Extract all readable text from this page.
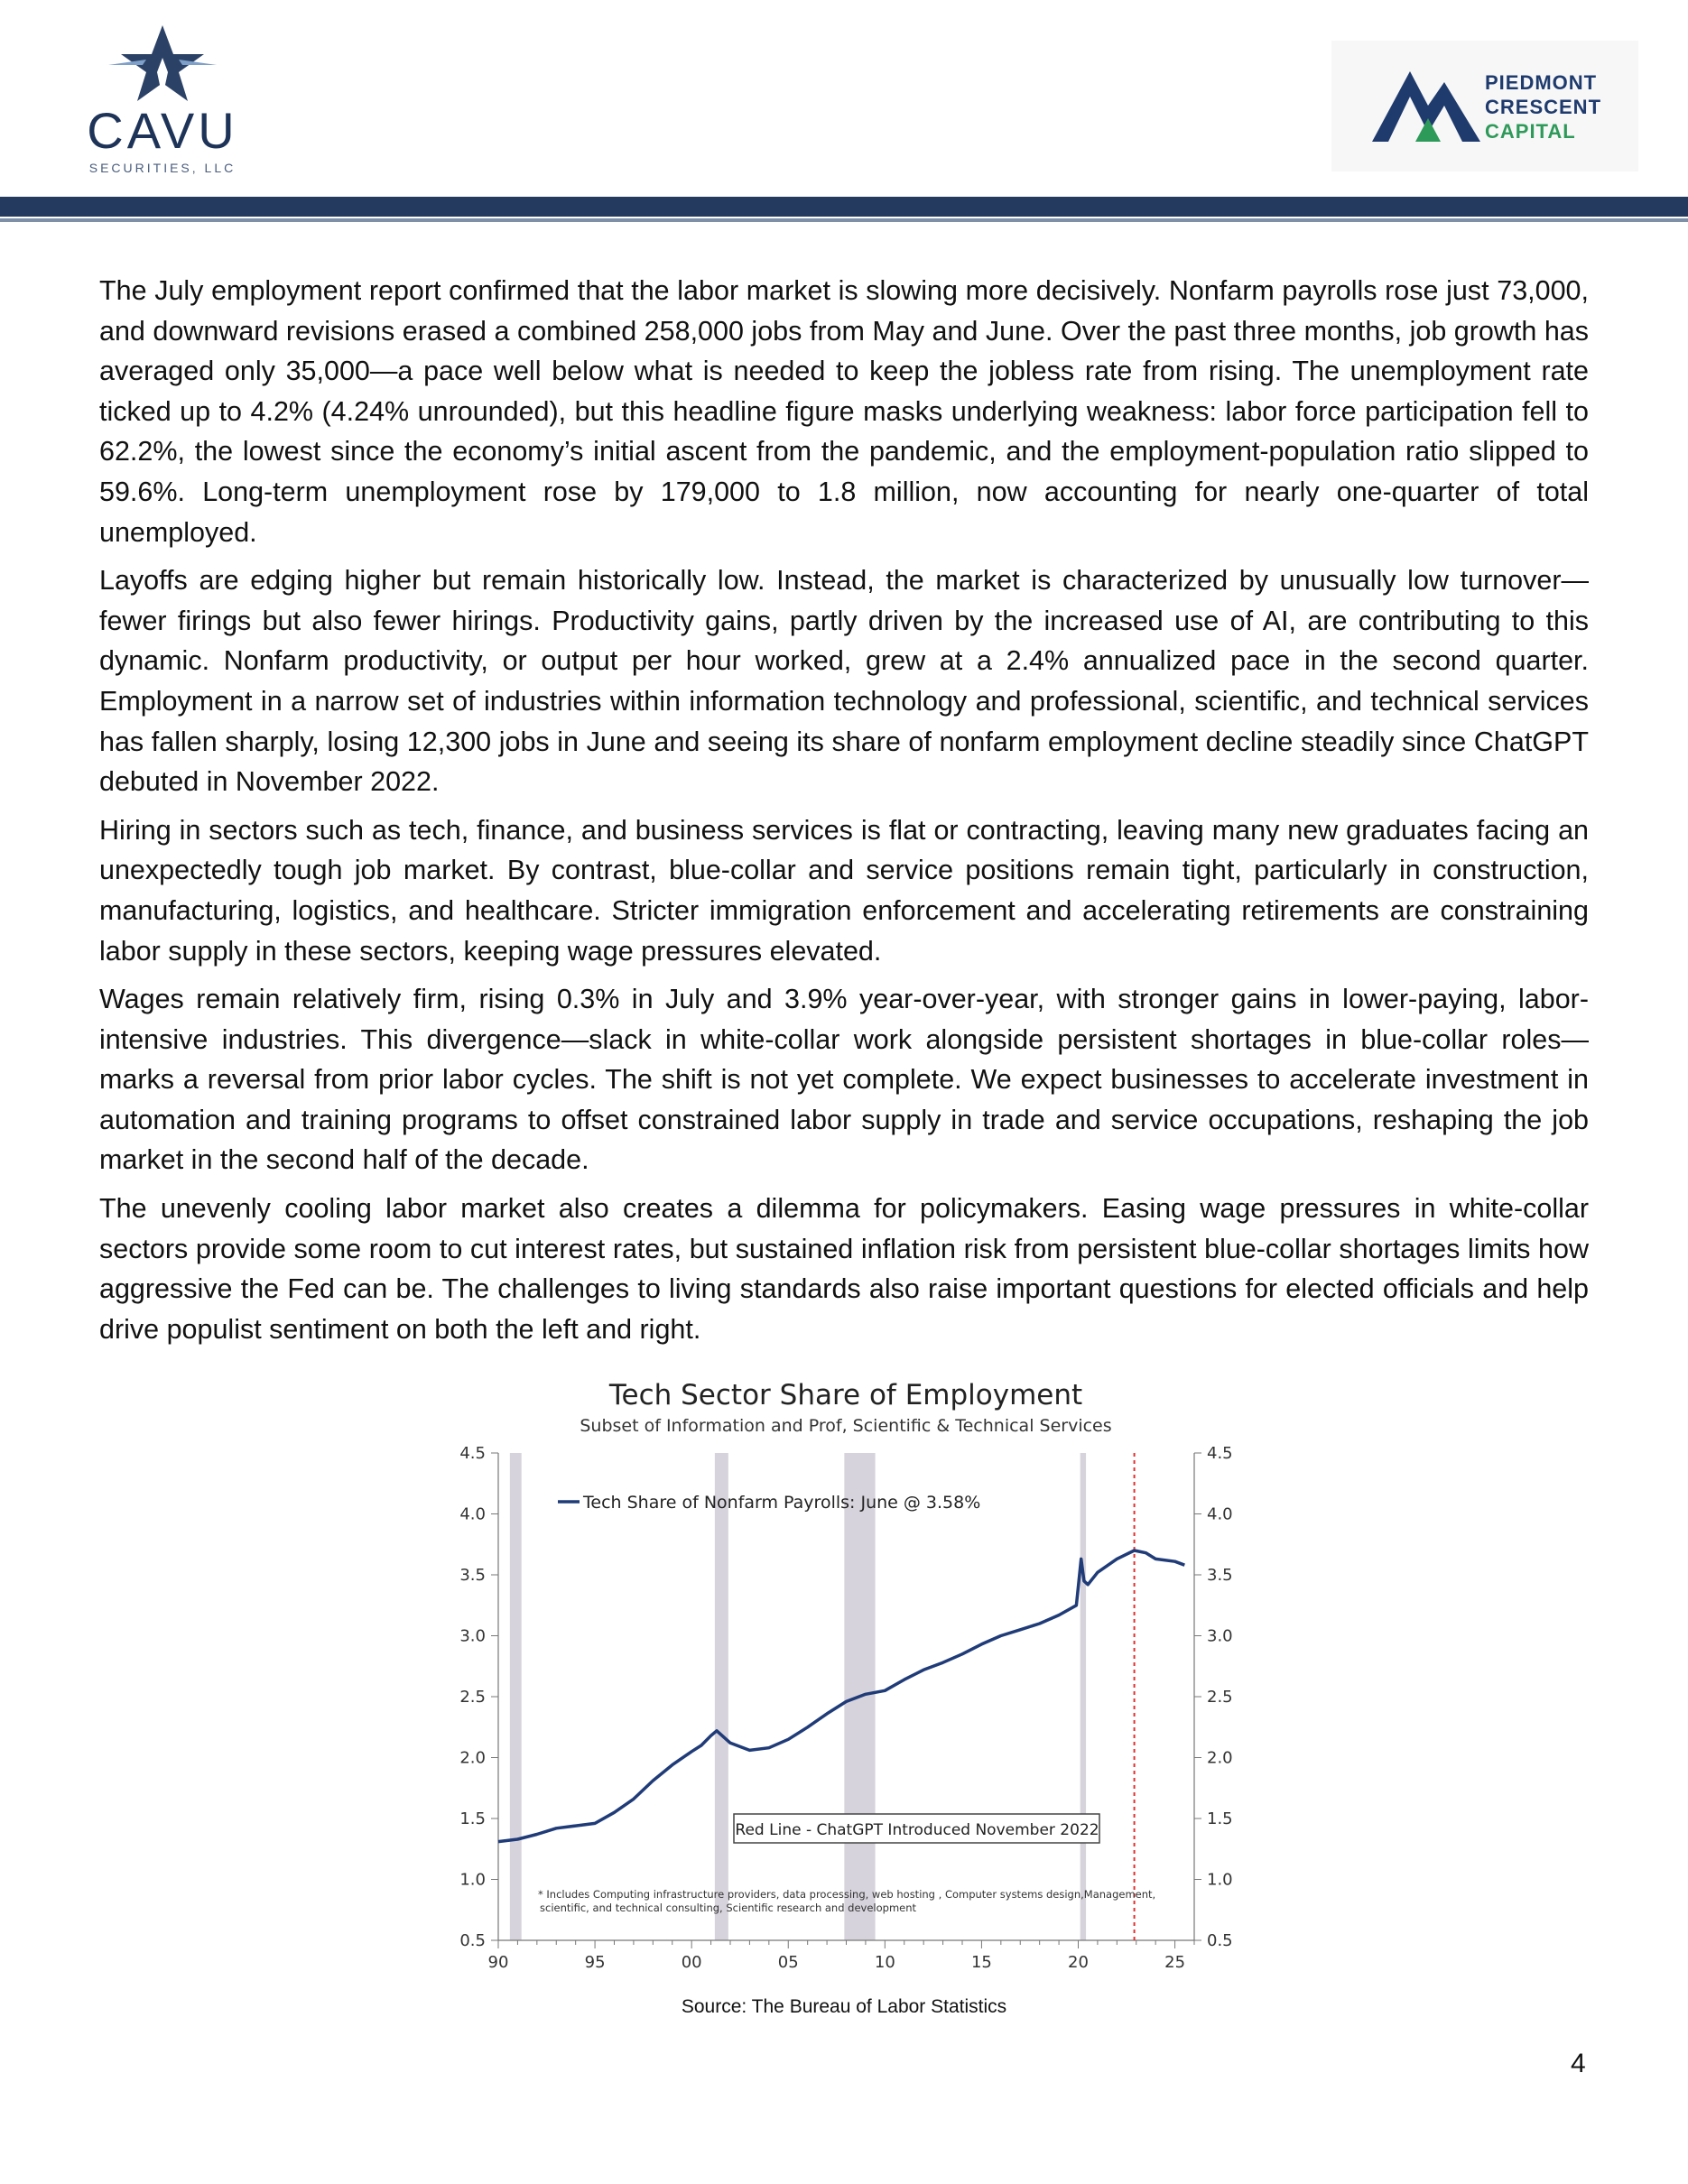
CAVU
SECURITIES, LLC
PIEDMONT
CRESCENT
CAPITAL

The July employment report confirmed that the labor market is slowing more decisively. Nonfarm payrolls rose just 73,000, and downward revisions erased a combined 258,000 jobs from May and June. Over the past three months, job growth has averaged only 35,000—a pace well below what is needed to keep the jobless rate from rising. The unemployment rate ticked up to 4.2% (4.24% unrounded), but this headline figure masks underlying weakness: labor force participation fell to 62.2%, the lowest since the economy’s initial ascent from the pandemic, and the employment-population ratio slipped to 59.6%. Long-term unemployment rose by 179,000 to 1.8 million, now accounting for nearly one-quarter of total unemployed.

Layoffs are edging higher but remain historically low. Instead, the market is characterized by unusually low turnover—fewer firings but also fewer hirings. Productivity gains, partly driven by the increased use of AI, are contributing to this dynamic. Nonfarm productivity, or output per hour worked, grew at a 2.4% annualized pace in the second quarter. Employment in a narrow set of industries within information technology and professional, scientific, and technical services has fallen sharply, losing 12,300 jobs in June and seeing its share of nonfarm employment decline steadily since ChatGPT debuted in November 2022.

Hiring in sectors such as tech, finance, and business services is flat or contracting, leaving many new graduates facing an unexpectedly tough job market. By contrast, blue-collar and service positions remain tight, particularly in construction, manufacturing, logistics, and healthcare. Stricter immigration enforcement and accelerating retirements are constraining labor supply in these sectors, keeping wage pressures elevated.

Wages remain relatively firm, rising 0.3% in July and 3.9% year-over-year, with stronger gains in lower-paying, labor-intensive industries. This divergence—slack in white-collar work alongside persistent shortages in blue-collar roles—marks a reversal from prior labor cycles. The shift is not yet complete. We expect businesses to accelerate investment in automation and training programs to offset constrained labor supply in trade and service occupations, reshaping the job market in the second half of the decade.

The unevenly cooling labor market also creates a dilemma for policymakers. Easing wage pressures in white-collar sectors provide some room to cut interest rates, but sustained inflation risk from persistent blue-collar shortages limits how aggressive the Fed can be. The challenges to living standards also raise important questions for elected officials and help drive populist sentiment on both the left and right.

Tech Sector Share of Employment
Subset of Information and Prof, Scientific & Technical Services
0.5	0.5
1.0	1.0
1.5	1.5
2.0	2.0
2.5	2.5
3.0	3.0
3.5	3.5
4.0	4.0
4.5	4.5
90	95	00	05	10	15	20	25
Tech Share of Nonfarm Payrolls: June @ 3.58%
Red Line - ChatGPT Introduced November 2022
* Includes Computing infrastructure providers, data processing, web hosting , Computer systems design,Management,
scientific, and technical consulting, Scientific research and development
Source: The Bureau of Labor Statistics
4
